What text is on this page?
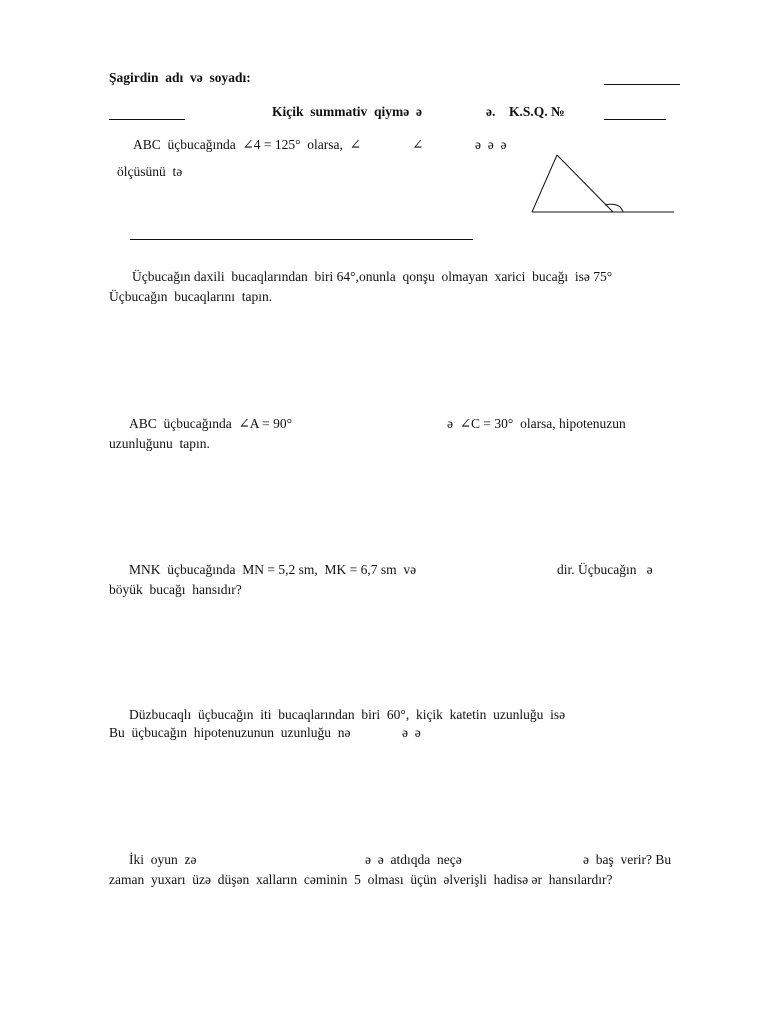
Şagirdin  adı  və  soyadı:
Kiçik  summativ  qiymə  ə	ə. K.S.Q. №
ABC  üçbucağında  ∠4 = 125°  olarsa,  ∠	∠	ə  ə  ə
ölçüsünü  tə
Üçbucağın daxili  bucaqlarından  biri 64°,onunla  qonşu  olmayan  xarici  bucağı  isə 75°
Üçbucağın  bucaqlarını  tapın.
ABC  üçbucağında  ∠A = 90°	ə  ∠C = 30°  olarsa, hipotenuzun
uzunluğunu  tapın.
MNK  üçbucağında  MN = 5,2 sm,  MK = 6,7 sm  və	dir. Üçbucağın   ə
böyük  bucağı  hansıdır?
Düzbucaqlı  üçbucağın  iti  bucaqlarından  biri  60°,  kiçik  katetin  uzunluğu  isə
Bu  üçbucağın  hipotenuzunun  uzunluğu  nə	ə  ə
İki  oyun  zə	ə  ə  atdıqda  neçə	ə  baş  verir? Bu
zaman  yuxarı  üzə  düşən  xalların  cəminin  5  olması  üçün  əlverişli  hadisə ər  hansılardır?
